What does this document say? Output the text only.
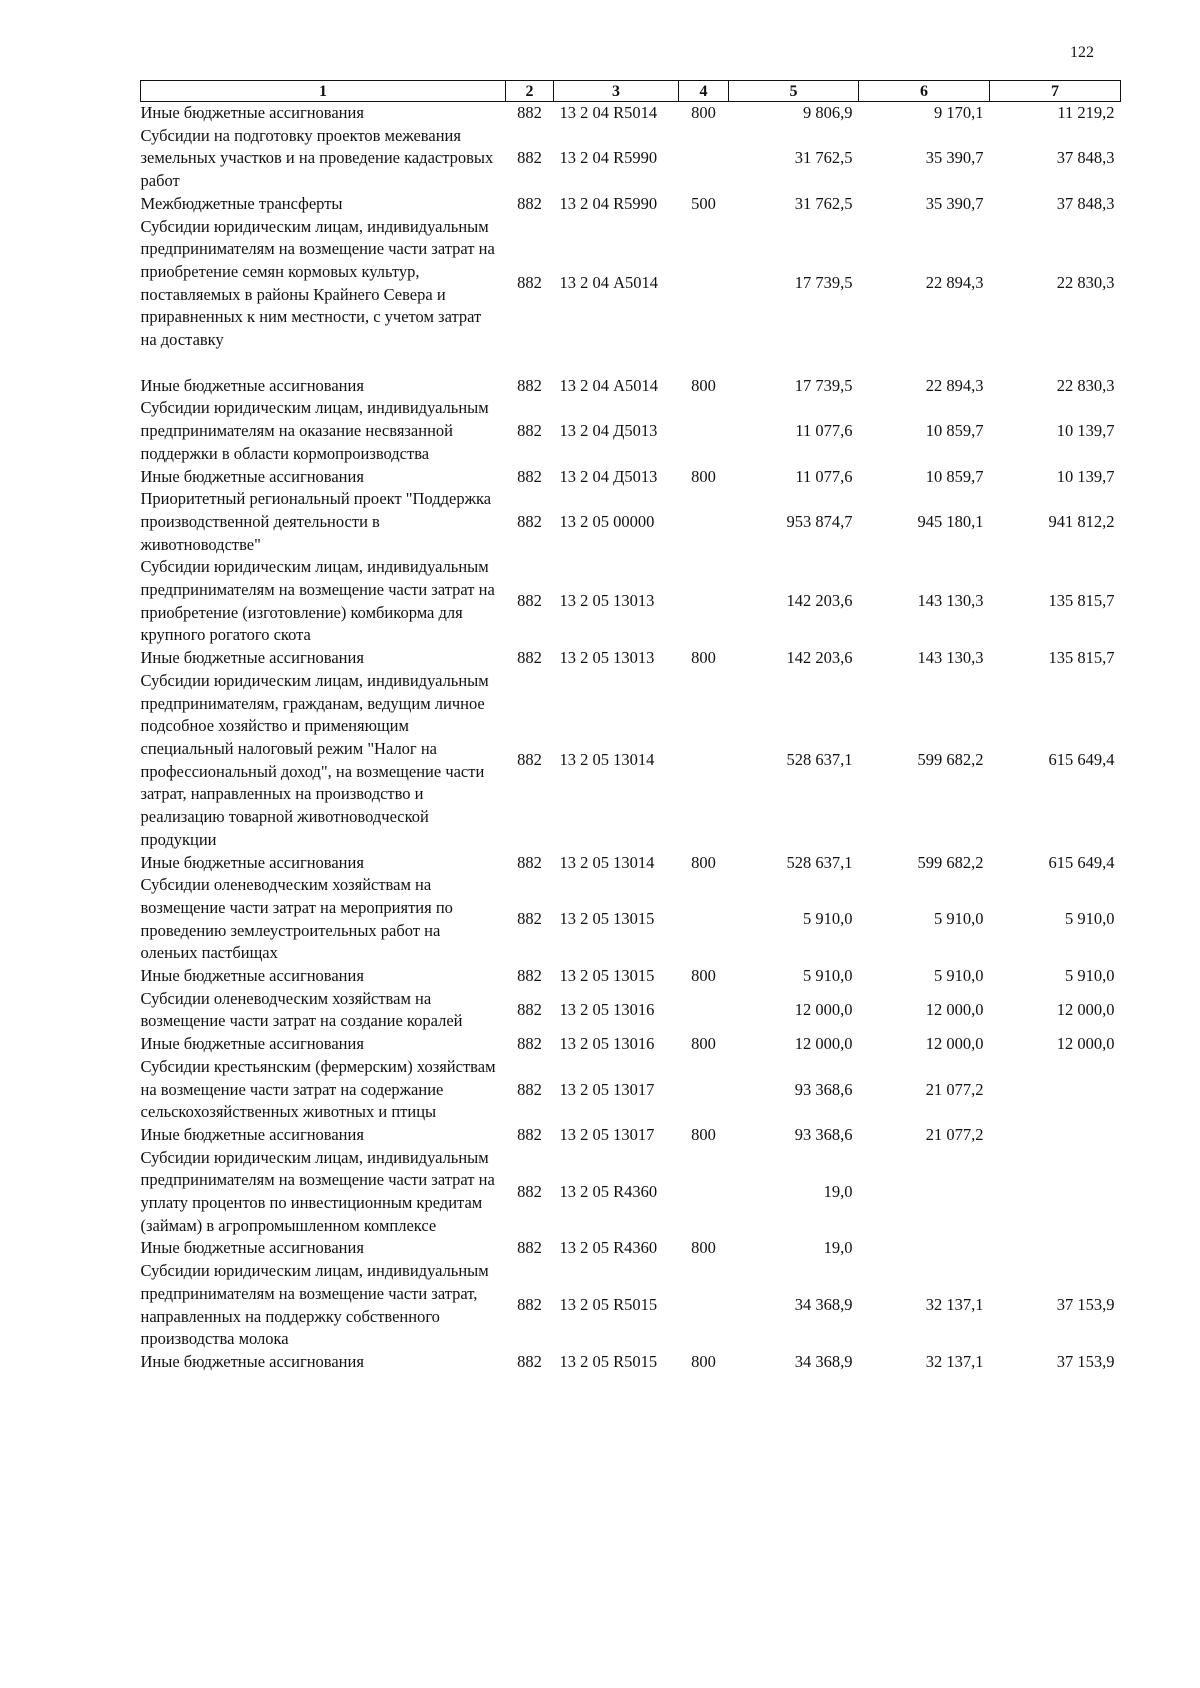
122
1	2	3	4	5	6	7
Иные бюджетные ассигнования	882	13 2 04 R5014	800	9 806,9	9 170,1	11 219,2
Субсидии на подготовку проектов межевания земельных участков и на проведение кадастровых работ	882	13 2 04 R5990		31 762,5	35 390,7	37 848,3
Межбюджетные трансферты	882	13 2 04 R5990	500	31 762,5	35 390,7	37 848,3
Субсидии юридическим лицам, индивидуальным предпринимателям на возмещение части затрат на приобретение семян кормовых культур, поставляемых в районы Крайнего Севера и приравненных к ним местности, с учетом затрат на доставку	882	13 2 04 А5014		17 739,5	22 894,3	22 830,3
Иные бюджетные ассигнования	882	13 2 04 А5014	800	17 739,5	22 894,3	22 830,3
Субсидии юридическим лицам, индивидуальным предпринимателям на оказание несвязанной поддержки в области кормопроизводства	882	13 2 04 Д5013		11 077,6	10 859,7	10 139,7
Иные бюджетные ассигнования	882	13 2 04 Д5013	800	11 077,6	10 859,7	10 139,7
Приоритетный региональный проект "Поддержка производственной деятельности в животноводстве"	882	13 2 05 00000		953 874,7	945 180,1	941 812,2
Субсидии юридическим лицам, индивидуальным предпринимателям на возмещение части затрат на приобретение (изготовление) комбикорма для крупного рогатого скота	882	13 2 05 13013		142 203,6	143 130,3	135 815,7
Иные бюджетные ассигнования	882	13 2 05 13013	800	142 203,6	143 130,3	135 815,7
Субсидии юридическим лицам, индивидуальным предпринимателям, гражданам, ведущим личное подсобное хозяйство и применяющим специальный налоговый режим "Налог на профессиональный доход", на возмещение части затрат, направленных на производство и реализацию товарной животноводческой продукции	882	13 2 05 13014		528 637,1	599 682,2	615 649,4
Иные бюджетные ассигнования	882	13 2 05 13014	800	528 637,1	599 682,2	615 649,4
Субсидии оленеводческим хозяйствам на возмещение части затрат на мероприятия по проведению землеустроительных работ на оленьих пастбищах	882	13 2 05 13015		5 910,0	5 910,0	5 910,0
Иные бюджетные ассигнования	882	13 2 05 13015	800	5 910,0	5 910,0	5 910,0
Субсидии оленеводческим хозяйствам на возмещение части затрат на создание коралей	882	13 2 05 13016		12 000,0	12 000,0	12 000,0
Иные бюджетные ассигнования	882	13 2 05 13016	800	12 000,0	12 000,0	12 000,0
Субсидии крестьянским (фермерским) хозяйствам на возмещение части затрат на содержание сельскохозяйственных животных и птицы	882	13 2 05 13017		93 368,6	21 077,2	
Иные бюджетные ассигнования	882	13 2 05 13017	800	93 368,6	21 077,2	
Субсидии юридическим лицам, индивидуальным предпринимателям на возмещение части затрат на уплату процентов по инвестиционным кредитам (займам) в агропромышленном комплексе	882	13 2 05 R4360		19,0		
Иные бюджетные ассигнования	882	13 2 05 R4360	800	19,0		
Субсидии юридическим лицам, индивидуальным предпринимателям на возмещение части затрат, направленных на поддержку собственного производства молока	882	13 2 05 R5015		34 368,9	32 137,1	37 153,9
Иные бюджетные ассигнования	882	13 2 05 R5015	800	34 368,9	32 137,1	37 153,9
